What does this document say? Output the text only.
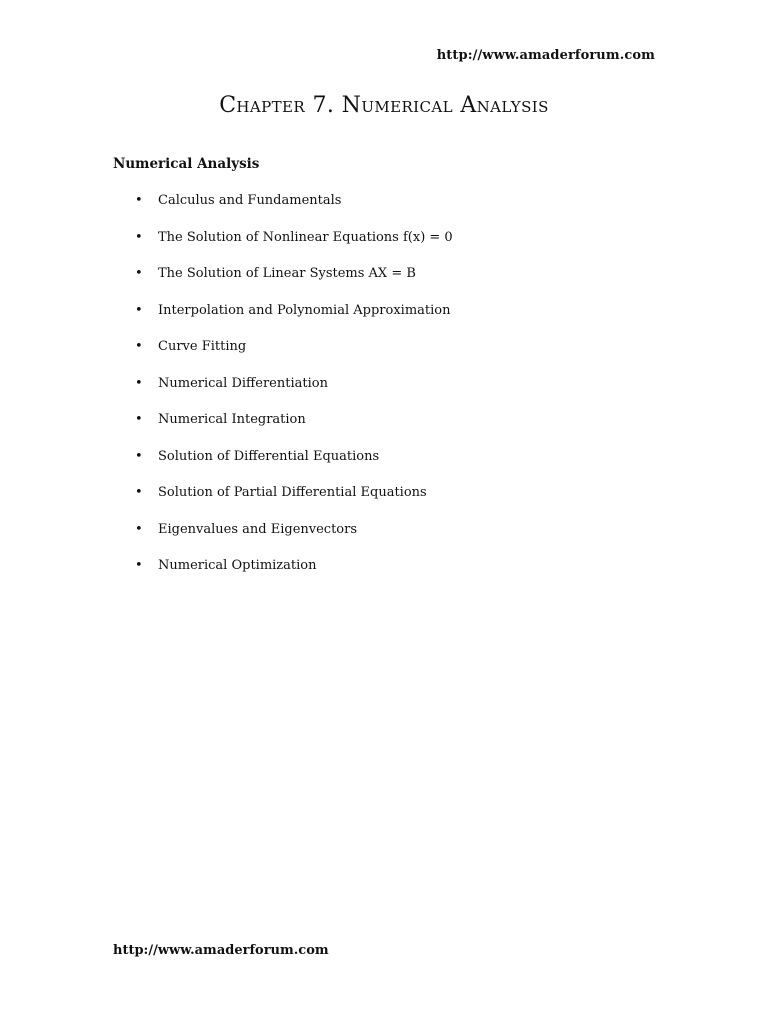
http://www.amaderforum.com
Chapter 7. Numerical Analysis
Numerical Analysis
• Calculus and Fundamentals
• The Solution of Nonlinear Equations f(x) = 0
• The Solution of Linear Systems AX = B
• Interpolation and Polynomial Approximation
• Curve Fitting
• Numerical Differentiation
• Numerical Integration
• Solution of Differential Equations
• Solution of Partial Differential Equations
• Eigenvalues and Eigenvectors
• Numerical Optimization
http://www.amaderforum.com
